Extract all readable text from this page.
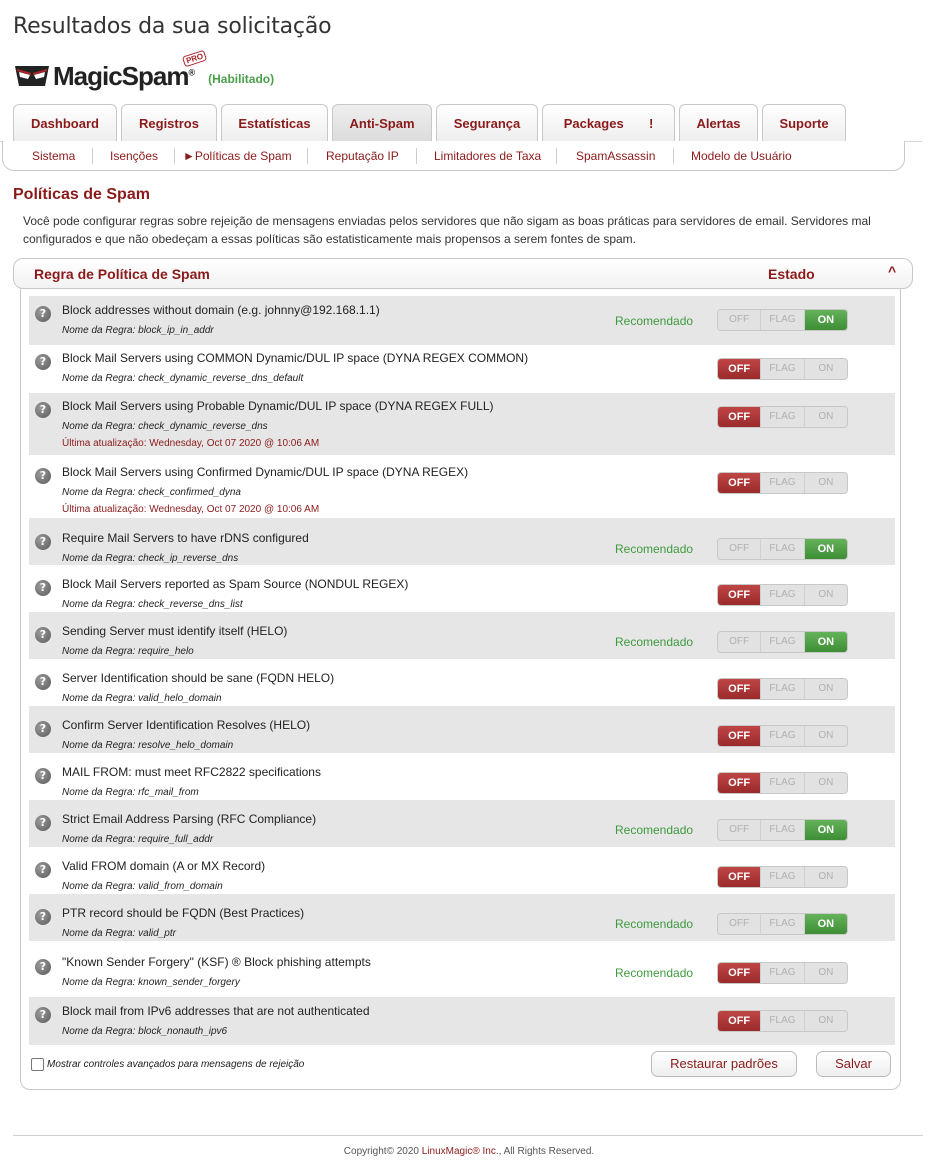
Resultados da sua solicitação
MagicSpam®
PRO
(Habilitado)
Dashboard	Registros	Estatísticas	Anti-Spam	Segurança	Packages       !	Alertas	Suporte
Sistema	Isenções ►Políticas de Spam	Reputação IP	Limitadores de Taxa	SpamAssassin	Modelo de Usuário
Políticas de Spam

Você pode configurar regras sobre rejeição de mensagens enviadas pelos servidores que não sigam as boas práticas para servidores de email. Servidores mal configurados e que não obedeçam a essas políticas são estatisticamente mais propensos a serem fontes de spam.

Regra de Política de Spam	Estado	^
?	Block addresses without domain (e.g. johnny@192.168.1.1)
Nome da Regra: block_ip_in_addr
Recomendado	OFF	FLAG	ON
?	Block Mail Servers using COMMON Dynamic/DUL IP space (DYNA REGEX COMMON)
Nome da Regra: check_dynamic_reverse_dns_default
OFF	FLAG	ON
?	Block Mail Servers using Probable Dynamic/DUL IP space (DYNA REGEX FULL)
Nome da Regra: check_dynamic_reverse_dns
Última atualização: Wednesday, Oct 07 2020 @ 10:06 AM
OFF	FLAG	ON
?	Block Mail Servers using Confirmed Dynamic/DUL IP space (DYNA REGEX)
Nome da Regra: check_confirmed_dyna
Última atualização: Wednesday, Oct 07 2020 @ 10:06 AM
OFF	FLAG	ON
?	Require Mail Servers to have rDNS configured
Nome da Regra: check_ip_reverse_dns
Recomendado	OFF	FLAG	ON
?	Block Mail Servers reported as Spam Source (NONDUL REGEX)
Nome da Regra: check_reverse_dns_list
OFF	FLAG	ON
?	Sending Server must identify itself (HELO)
Nome da Regra: require_helo
Recomendado	OFF	FLAG	ON
?	Server Identification should be sane (FQDN HELO)
Nome da Regra: valid_helo_domain
OFF	FLAG	ON
?	Confirm Server Identification Resolves (HELO)
Nome da Regra: resolve_helo_domain
OFF	FLAG	ON
?	MAIL FROM: must meet RFC2822 specifications
Nome da Regra: rfc_mail_from
OFF	FLAG	ON
?	Strict Email Address Parsing (RFC Compliance)
Nome da Regra: require_full_addr
Recomendado	OFF	FLAG	ON
?	Valid FROM domain (A or MX Record)
Nome da Regra: valid_from_domain
OFF	FLAG	ON
?	PTR record should be FQDN (Best Practices)
Nome da Regra: valid_ptr
Recomendado	OFF	FLAG	ON
?	"Known Sender Forgery" (KSF) ® Block phishing attempts
Nome da Regra: known_sender_forgery
Recomendado	OFF	FLAG	ON
?	Block mail from IPv6 addresses that are not authenticated
Nome da Regra: block_nonauth_ipv6
OFF	FLAG	ON
Mostrar controles avançados para mensagens de rejeição	Restaurar padrões	Salvar
Copyright© 2020 LinuxMagic® Inc., All Rights Reserved.
